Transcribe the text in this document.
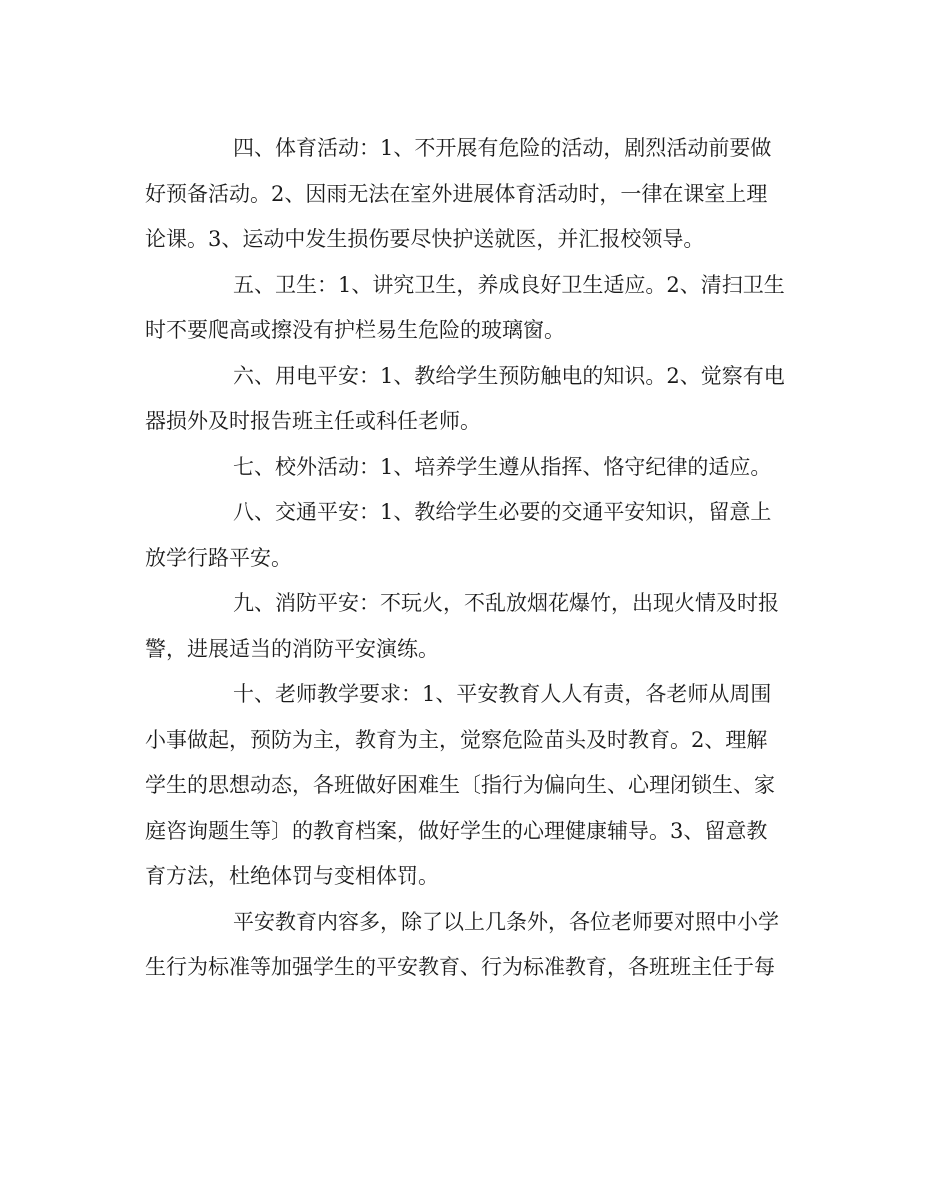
四、体育活动：1、不开展有危险的活动，剧烈活动前要做
好预备活动。2、因雨无法在室外进展体育活动时，一律在课室上理
论课。3、运动中发生损伤要尽快护送就医，并汇报校领导。
五、卫生：1、讲究卫生，养成良好卫生适应。2、清扫卫生
时不要爬高或擦没有护栏易生危险的玻璃窗。
六、用电平安：1、教给学生预防触电的知识。2、觉察有电
器损外及时报告班主任或科任老师。
七、校外活动：1、培养学生遵从指挥、恪守纪律的适应。
八、交通平安：1、教给学生必要的交通平安知识，留意上
放学行路平安。
九、消防平安：不玩火，不乱放烟花爆竹，出现火情及时报
警，进展适当的消防平安演练。
十、老师教学要求：1、平安教育人人有责，各老师从周围
小事做起，预防为主，教育为主，觉察危险苗头及时教育。2、理解
学生的思想动态，各班做好困难生〔指行为偏向生、心理闭锁生、家
庭咨询题生等〕的教育档案，做好学生的心理健康辅导。3、留意教
育方法，杜绝体罚与变相体罚。
平安教育内容多，除了以上几条外，各位老师要对照中小学
生行为标准等加强学生的平安教育、行为标准教育，各班班主任于每
